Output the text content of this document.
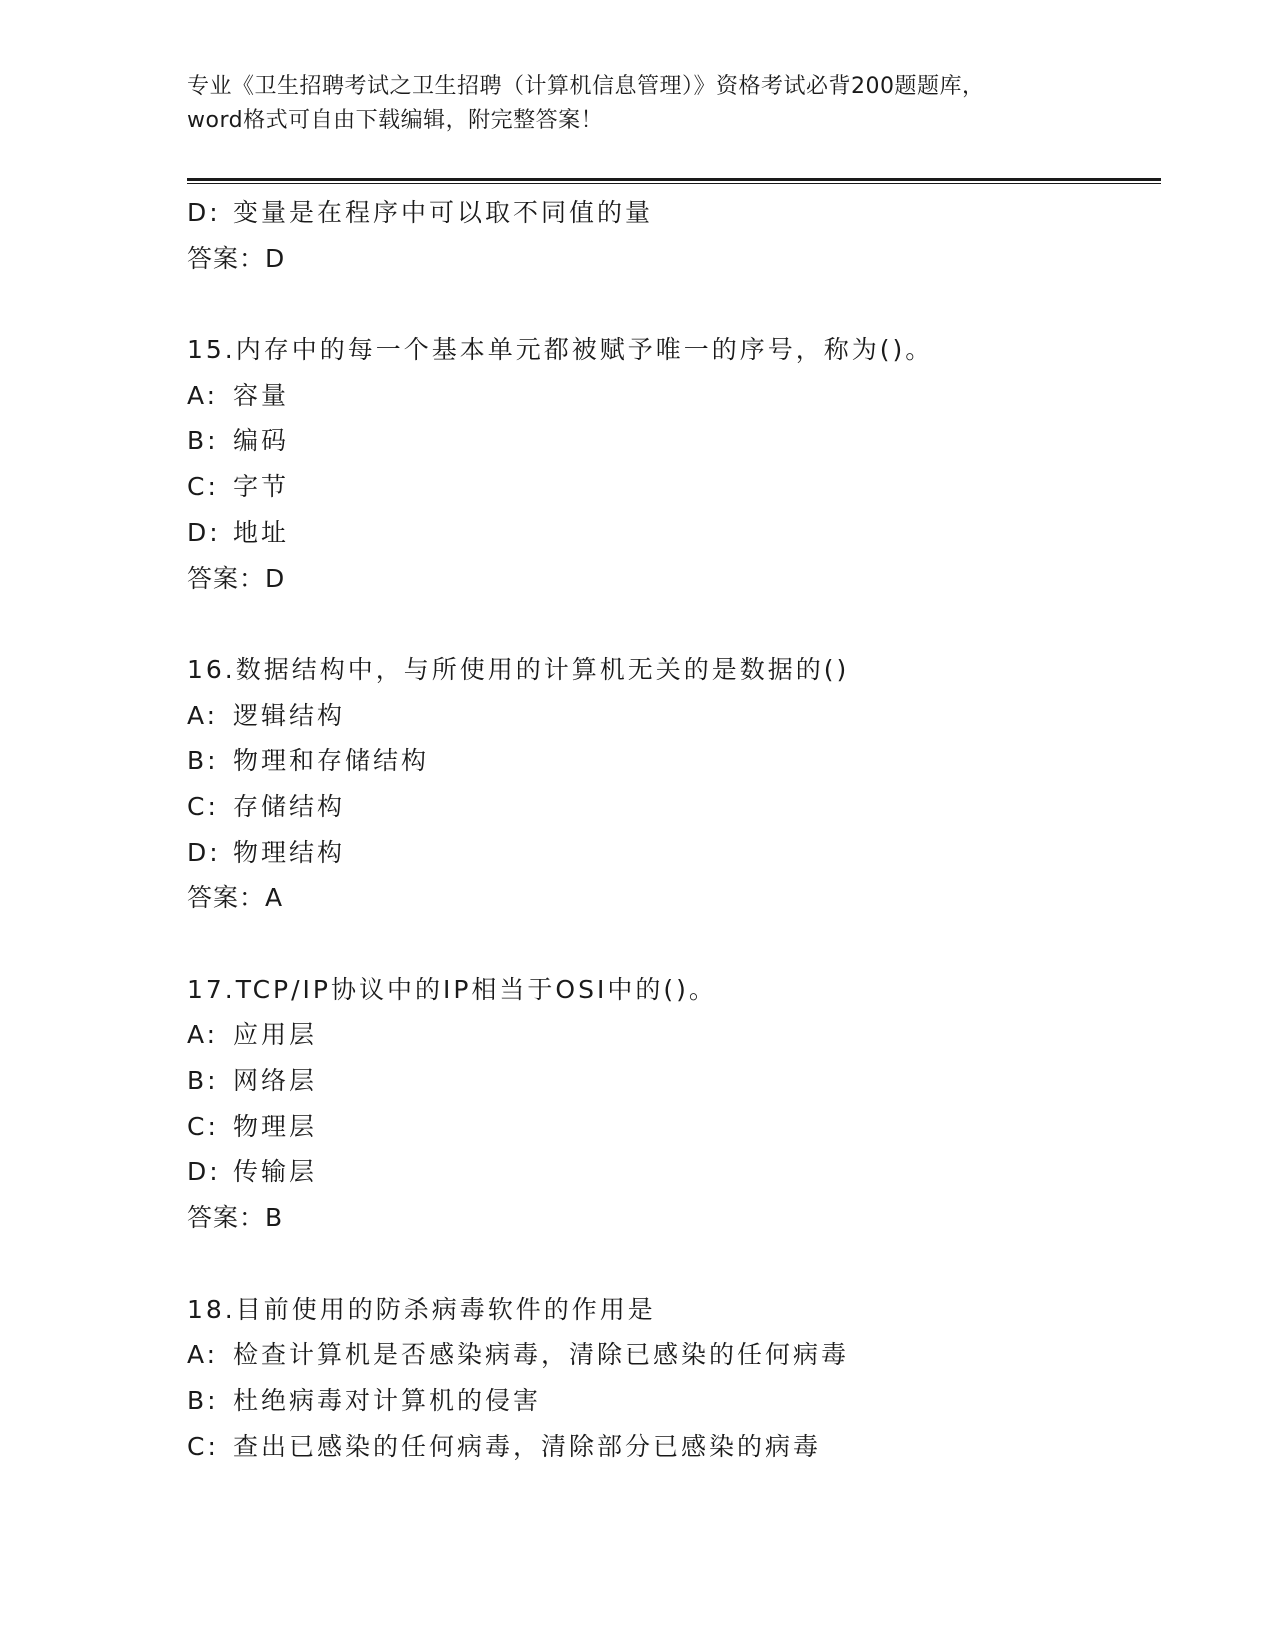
专业《卫生招聘考试之卫生招聘（计算机信息管理）》资格考试必背200题题库，
word格式可自由下载编辑，附完整答案！
D: 变量是在程序中可以取不同值的量
答案：D
15.内存中的每一个基本单元都被赋予唯一的序号，称为()。
A: 容量
B: 编码
C: 字节
D: 地址
答案：D
16.数据结构中，与所使用的计算机无关的是数据的()
A: 逻辑结构
B: 物理和存储结构
C: 存储结构
D: 物理结构
答案：A
17.TCP/IP协议中的IP相当于OSI中的()。
A: 应用层
B: 网络层
C: 物理层
D: 传输层
答案：B
18.目前使用的防杀病毒软件的作用是
A: 检查计算机是否感染病毒，清除已感染的任何病毒
B: 杜绝病毒对计算机的侵害
C: 查出已感染的任何病毒，清除部分已感染的病毒
